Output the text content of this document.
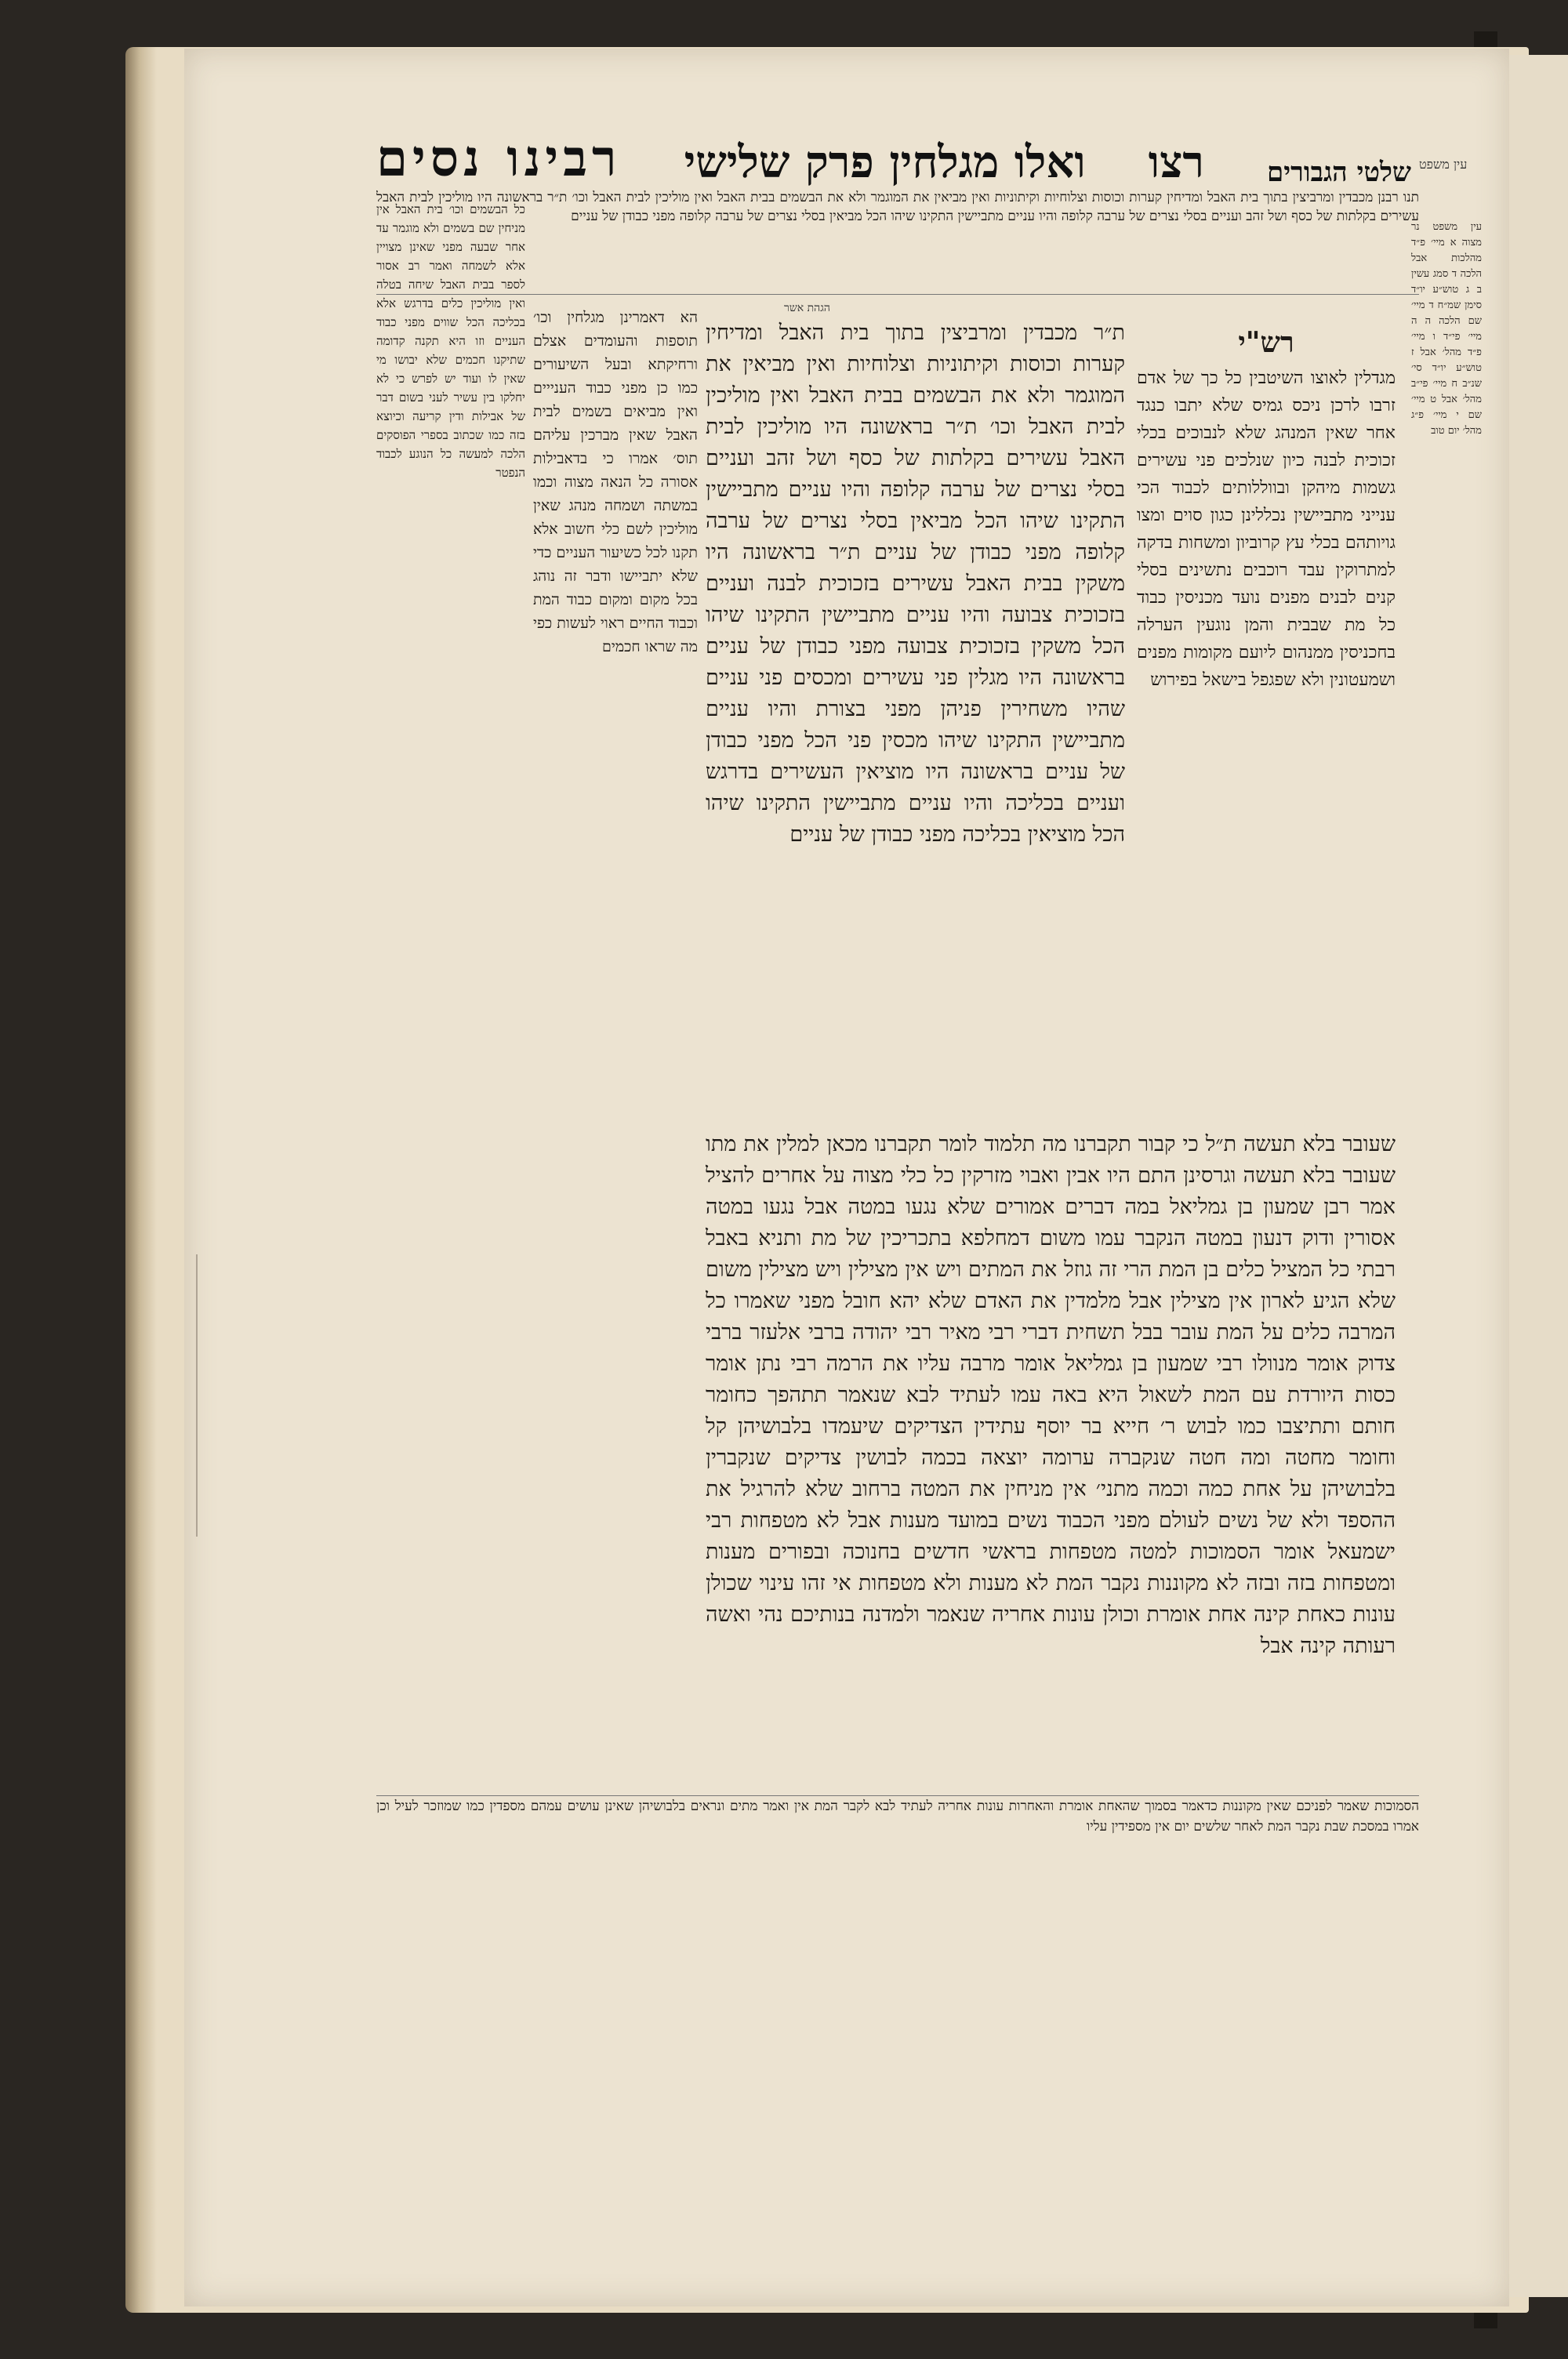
רבינו נסים ואלו מגלחין פרק שלישי רצו שלטי הגבורים עין משפט
תנו רבנן מכבדין ומרביצין בתוך בית האבל ומדיחין קערות וכוסות וצלוחיות וקיתוניות ואין מביאין את המוגמר ולא את הבשמים בבית האבל ואין מוליכין לבית האבל וכו׳ ת״ר בראשונה היו מוליכין לבית האבל עשירים בקלתות של כסף ושל זהב ועניים בסלי נצרים של ערבה קלופה והיו עניים מתביישין התקינו שיהו הכל מביאין בסלי נצרים של ערבה קלופה מפני כבודן של עניים
רש"י
מגדלין לאוצו השיטבין כל כך של אדם זרבו לרכן ניכס גמיס שלא יתבו כנגד אחר שאין המנהג שלא לנבוכים בכלי זכוכית לבנה כיון שנלכים פני עשירים גשמות מיהקן ובווללותים לכבוד הכי ענייני מתביישין נכללינן כגון סוים ומצו גויותהם בכלי עץ קרוביון ומשחות בדקה למתרוקין עבד רוכבים נתשינים בסלי קנים לבנים מפנים נועד מכניסין כבוד כל מת שבבית והמן נוגעין הערלה בחכניסין ממנהום ליועם מקומות מפנים ושמעטונין ולא שפגפל בישאל בפירוש
הגהת אשר
ת״ר מכבדין ומרביצין בתוך בית האבל ומדיחין קערות וכוסות וקיתוניות וצלוחיות ואין מביאין את המוגמר ולא את הבשמים בבית האבל ואין מוליכין לבית האבל וכו׳ ת״ר בראשונה היו מוליכין לבית האבל עשירים בקלתות של כסף ושל זהב ועניים בסלי נצרים של ערבה קלופה והיו עניים מתביישין התקינו שיהו הכל מביאין בסלי נצרים של ערבה קלופה מפני כבודן של עניים ת״ר בראשונה היו משקין בבית האבל עשירים בזכוכית לבנה ועניים בזכוכית צבועה והיו עניים מתביישין התקינו שיהו הכל משקין בזכוכית צבועה מפני כבודן של עניים בראשונה היו מגלין פני עשירים ומכסים פני עניים שהיו משחירין פניהן מפני בצורת והיו עניים מתביישין התקינו שיהו מכסין פני הכל מפני כבודן של עניים בראשונה היו מוציאין העשירים בדרגש ועניים בכליכה והיו עניים מתביישין התקינו שיהו הכל מוציאין בכליכה מפני כבודן של עניים
הא דאמרינן מגלחין וכו׳ תוספות והעומדים אצלם ורחיקתא ובעל השיעורים כמו כן מפני כבוד הענייים ואין מביאים בשמים לבית האבל שאין מברכין עליהם תוס׳ אמרו כי בדאבילות אסורה כל הנאה מצוה וכמו במשתה ושמחה מנהג שאין מוליכין לשם כלי חשוב אלא תקנו לכל כשיעור העניים כדי שלא יתביישו ודבר זה נוהג בכל מקום ומקום כבוד המת וכבוד החיים ראוי לעשות כפי מה שראו חכמים
כל הבשמים וכו׳ בית האבל אין מניחין שם בשמים ולא מוגמר עד אחר שבעה מפני שאינן מצויין אלא לשמחה ואמר רב אסור לספר בבית האבל שיחה בטלה ואין מוליכין כלים בדרגש אלא בכליכה הכל שווים מפני כבוד העניים וזו היא תקנה קדומה שתיקנו חכמים שלא יבושו מי שאין לו ועוד יש לפרש כי לא יחלקו בין עשיר לעני בשום דבר של אבילות ודין קריעה וכיוצא בזה כמו שכתוב בספרי הפוסקים הלכה למעשה כל הנוגע לכבוד הנפטר
שעובר בלא תעשה ת״ל כי קבור תקברנו מה תלמוד לומר תקברנו מכאן למלין את מתו שעובר בלא תעשה וגרסינן התם היו אבין ואבוי מזרקין כל כלי מצוה על אחרים להציל אמר רבן שמעון בן גמליאל במה דברים אמורים שלא נגעו במטה אבל נגעו במטה אסורין ודוק דנעון במטה הנקבר עמו משום דמחלפא בתכריכין של מת ותניא באבל רבתי כל המציל כלים בן המת הרי זה גוזל את המתים ויש אין מצילין ויש מצילין משום שלא הגיע לארון אין מצילין אבל מלמדין את האדם שלא יהא חובל מפני שאמרו כל המרבה כלים על המת עובר בבל תשחית דברי רבי מאיר רבי יהודה ברבי אלעזר ברבי צדוק אומר מנוולו רבי שמעון בן גמליאל אומר מרבה עליו את הרמה רבי נתן אומר כסות היורדת עם המת לשאול היא באה עמו לעתיד לבא שנאמר תתהפך כחומר חותם ותתיצבו כמו לבוש ר׳ חייא בר יוסף עתידין הצדיקים שיעמדו בלבושיהן קל וחומר מחטה ומה חטה שנקברה ערומה יוצאה בכמה לבושין צדיקים שנקברין בלבושיהן על אחת כמה וכמה מתני׳ אין מניחין את המטה ברחוב שלא להרגיל את ההספד ולא של נשים לעולם מפני הכבוד נשים במועד מענות אבל לא מטפחות רבי ישמעאל אומר הסמוכות למטה מטפחות בראשי חדשים בחנוכה ובפורים מענות ומטפחות בזה ובזה לא מקוננות נקבר המת לא מענות ולא מטפחות אי זהו עינוי שכולן עונות כאחת קינה אחת אומרת וכולן עונות אחריה שנאמר ולמדנה בנותיכם נהי ואשה רעותה קינה אבל
הסמוכות שאמר לפניכם שאין מקוננות כדאמר בסמוך שהאחת אומרת והאחרות עונות אחריה לעתיד לבא לקבר המת אין ואמר מתים ונראים בלבושיהן שאינן עושים עמהם מספדין כמו שמוזכר לעיל וכן אמרו במסכת שבת נקבר המת לאחר שלשים יום אין מספידין עליו
עין משפט נר מצוה א מיי׳ פ״ד מהלכות אבל הלכה ד סמג עשין ב ג טוש״ע יו״ד סימן שמ״ח ד מיי׳ שם הלכה ה ה מיי׳ פי״ד ו מיי׳ פ״ד מהל׳ אבל ז טוש״ע יו״ד סי׳ שנ״ב ח מיי׳ פי״ב מהל׳ אבל ט מיי׳ שם י מיי׳ פ״ג מהל׳ יום טוב
